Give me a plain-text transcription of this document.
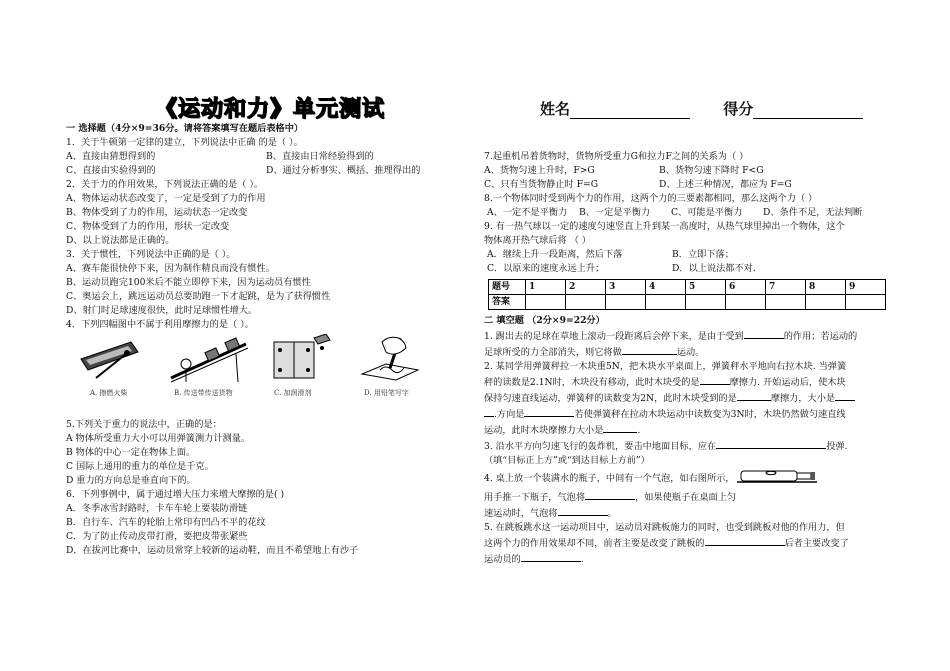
《运动和力》单元测试	姓名	得分

一 选择题（4分×9=36分。请将答案填写在题后表格中）

1．关于牛顿第一定律的建立，下列说法中正确 的是（ ）。

A、直接由猜想得到的	B、直接由日常经验得到的

C、直接由实验得到的	D、通过分析事实、概括、推理得出的

2．关于力的作用效果，下列说法正确的是（ ）。

A、物体运动状态改变了，一定是受到了力的作用

B、物体受到了力的作用，运动状态一定改变

C、物体受到了力的作用，形状一定改变

D、以上说法都是正确的。

3．关于惯性，下列说法中正确的是（ ）。

A、赛车能很快停下来，因为制作精良而没有惯性。

B、运动员跑完100米后不能立即停下来，因为运动员有惯性

C、奥运会上，跳远运动员总要助跑一下才起跳，是为了获得惯性

D、射门时足球速度很快，此时足球惯性增大。

4．下列四幅图中不属于利用摩擦力的是（ ）。

A. 擦燃火柴	B. 传送带传送货物	C. 加润滑剂	D. 用铅笔写字

5.下列关于重力的说法中，正确的是：

A 物体所受重力大小可以用弹簧测力计测量。

B 物体的中心一定在物体上面。

C 国际上通用的重力的单位是千克。

D 重力的方向总是垂直向下的。

6．下列事例中，属于通过增大压力来增大摩擦的是( )

A．冬季冰雪封路时，卡车车轮上要装防滑链

B．自行车、汽车的轮胎上常印有凹凸不平的花纹

C．为了防止传动皮带打滑，要把皮带张紧些

D．在拔河比赛中，运动员常穿上较新的运动鞋，而且不希望地上有沙子

7.起重机吊着货物时，货物所受重力G和拉力F之间的关系为（ ）

A、货物匀速上升时，F>G	B、货物匀速下降时 F<G

C、只有当货物静止时 F=G	D、上述三种情况，都应为 F=G

8.一个物体同时受到两个力的作用，这两个力的三要素都相同，那么这两个力（ ）

A、一定不是平衡力	B、一定是平衡力	C、可能是平衡力	D、条件不足，无法判断

9. 有一热气球以一定的速度匀速竖直上升到某一高度时，从热气球里掉出一个物体，这个

物体离开热气球后将 （ ）

A．继续上升一段距离，然后下落	B．立即下落；

C．以原来的速度永远上升；	D．以上说法都不对.

题号	1	2	3	4	5	6	7	8	9
答案									

二 填空题 （2分×9=22分）

1. 踢出去的足球在草地上滚动一段距离后会停下来，是由于受到	的作用；若运动的

足球所受的力全部消失，则它将做	运动。

2. 某同学用弹簧秤拉一木块重5N，把木块水平桌面上，弹簧秤水平地向右拉木块. 当弹簧

秤的读数是2.1N时，木块没有移动，此时木块受的是	摩擦力. 开始运动后，使木块

保持匀速直线运动，弹簧秤的读数变为2N，此时木块受到的是	摩擦力，大小是

.方向是	若使弹簧秤在拉动木块运动中读数变为3N时，木块仍然做匀速直线

运动，此时木块摩擦力大小是	.

3. 沿水平方向匀速飞行的轰炸机，要击中地面目标，应在	投弹.

（填“目标正上方”或“到达目标上方前”）

4. 桌上放一个装满水的瓶子，中间有一个气泡，如右图所示，

用手推一下瓶子，气泡将	，如果使瓶子在桌面上匀

速运动时，气泡将	。

5. 在跳板跳水这一运动项目中，运动员对跳板施力的同时，也受到跳板对他的作用力，但

这两个力的作用效果却不同，前者主要是改变了跳板的	后者主要改变了

运动员的	.
